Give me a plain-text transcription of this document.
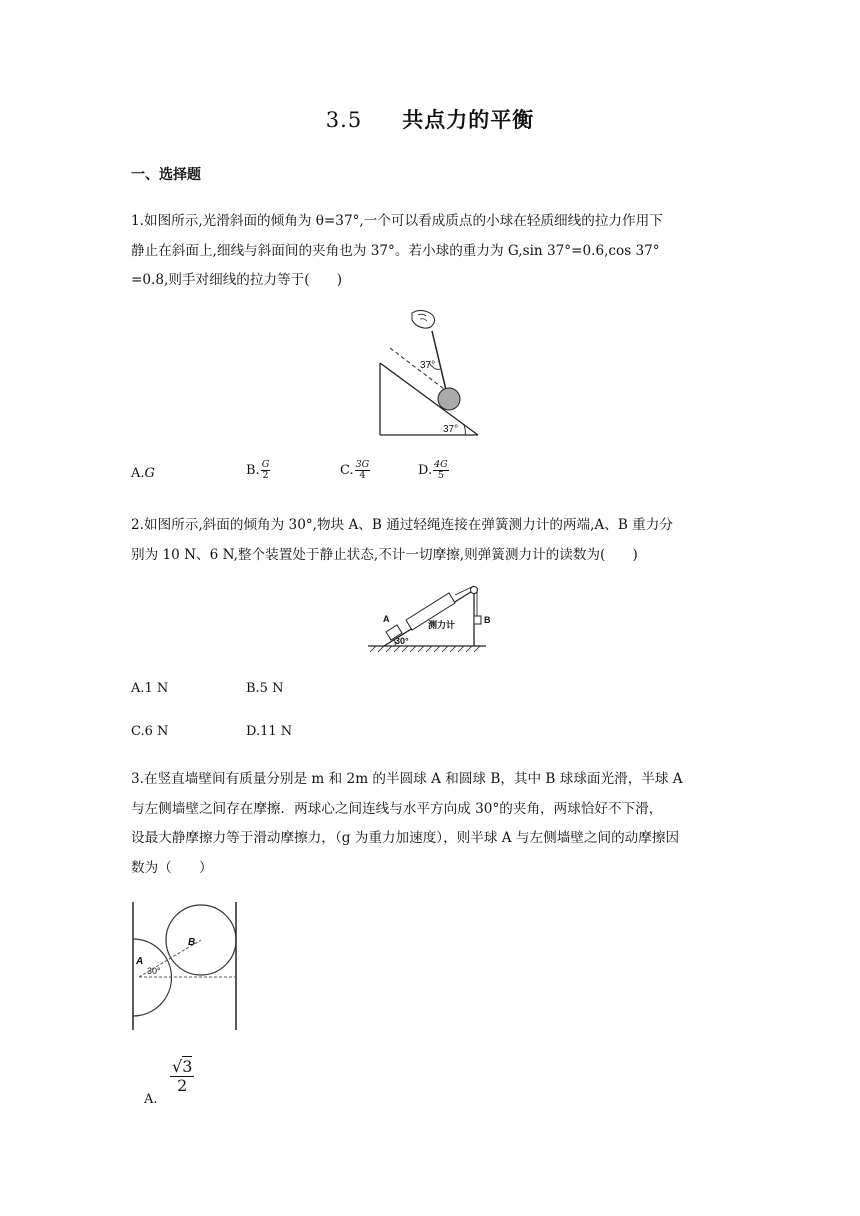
3.5 共点力的平衡
一、选择题
1.如图所示,光滑斜面的倾角为 θ=37°,一个可以看成质点的小球在轻质细线的拉力作用下
静止在斜面上,细线与斜面间的夹角也为 37°。若小球的重力为 G,sin 37°=0.6,cos 37°
=0.8,则手对细线的拉力等于(　　)
37°
37°
A.G	B. $\frac{G}{2}$	C. $\frac{3G}{4}$	D. $\frac{4G}{5}$
2.如图所示,斜面的倾角为 30°,物块 A、B 通过轻绳连接在弹簧测力计的两端,A、B 重力分
别为 10 N、6 N,整个装置处于静止状态,不计一切摩擦,则弹簧测力计的读数为(　　)
A	B
测力计
30°
A.1 N	B.5 N
C.6 N	D.11 N
3.在竖直墙壁间有质量分别是 m 和 2m 的半圆球 A 和圆球 B，其中 B 球球面光滑，半球 A
与左侧墙壁之间存在摩擦．两球心之间连线与水平方向成 30°的夹角，两球恰好不下滑，
设最大静摩擦力等于滑动摩擦力，（g 为重力加速度），则半球 A 与左侧墙壁之间的动摩擦因
数为（　　）
A
B
30°
A.
√3
2
